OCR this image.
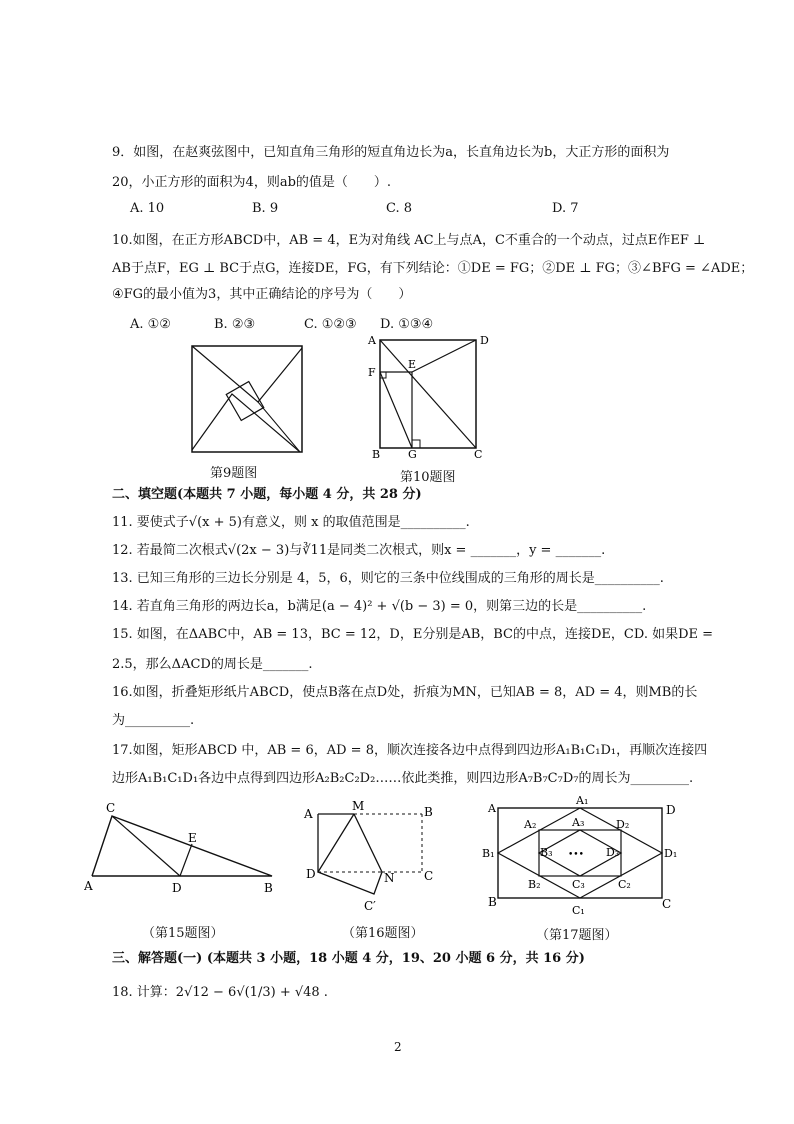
9．如图，在赵爽弦图中，已知直角三角形的短直角边长为a，长直角边长为b，大正方形的面积为
20，小正方形的面积为4，则ab的值是（　　）.
A. 10	B. 9	C. 8	D. 7
10.如图，在正方形ABCD中，AB = 4，E为对角线 AC上与点A，C不重合的一个动点，过点E作EF ⊥
AB于点F，EG ⊥ BC于点G，连接DE，FG，有下列结论：①DE = FG；②DE ⊥ FG；③∠BFG = ∠ADE；
④FG的最小值为3，其中正确结论的序号为（　　）
A. ①②	B. ②③	C. ①②③ D. ①③④
第9题图
A	D
F
E
B	G	C
第10题图
二、填空题(本题共 7 小题，每小题 4 分，共 28 分)
11. 要使式子√(x + 5)有意义，则 x 的取值范围是__________.
12. 若最简二次根式√(2x − 3)与∛11是同类二次根式，则x = _______，y = _______.
13. 已知三角形的三边长分别是 4，5，6，则它的三条中位线围成的三角形的周长是__________.
14. 若直角三角形的两边长a，b满足(a − 4)² + √(b − 3) = 0，则第三边的长是__________.
15. 如图，在ΔABC中，AB = 13，BC = 12，D，E分别是AB，BC的中点，连接DE，CD. 如果DE =
2.5，那么ΔACD的周长是_______.
16.如图，折叠矩形纸片ABCD，使点B落在点D处，折痕为MN，已知AB = 8，AD = 4，则MB的长
为__________.
17.如图，矩形ABCD 中，AB = 6，AD = 8，顺次连接各边中点得到四边形A₁B₁C₁D₁，再顺次连接四
边形A₁B₁C₁D₁各边中点得到四边形A₂B₂C₂D₂……依此类推，则四边形A₇B₇C₇D₇的周长为_________.
C
E
A	D	B
（第15题图）
A
M	B
D	N C
C′
（第16题图）
A	D
B	C
A₁
B₁
C₁
D₁
A₂
B₂	C₂
D₂
A₃
B₃
C₃
D₃
•••
（第17题图）
三、解答题(一) (本题共 3 小题，18 小题 4 分，19、20 小题 6 分，共 16 分)
18. 计算：2√12 − 6√(1/3) + √48 .
2
